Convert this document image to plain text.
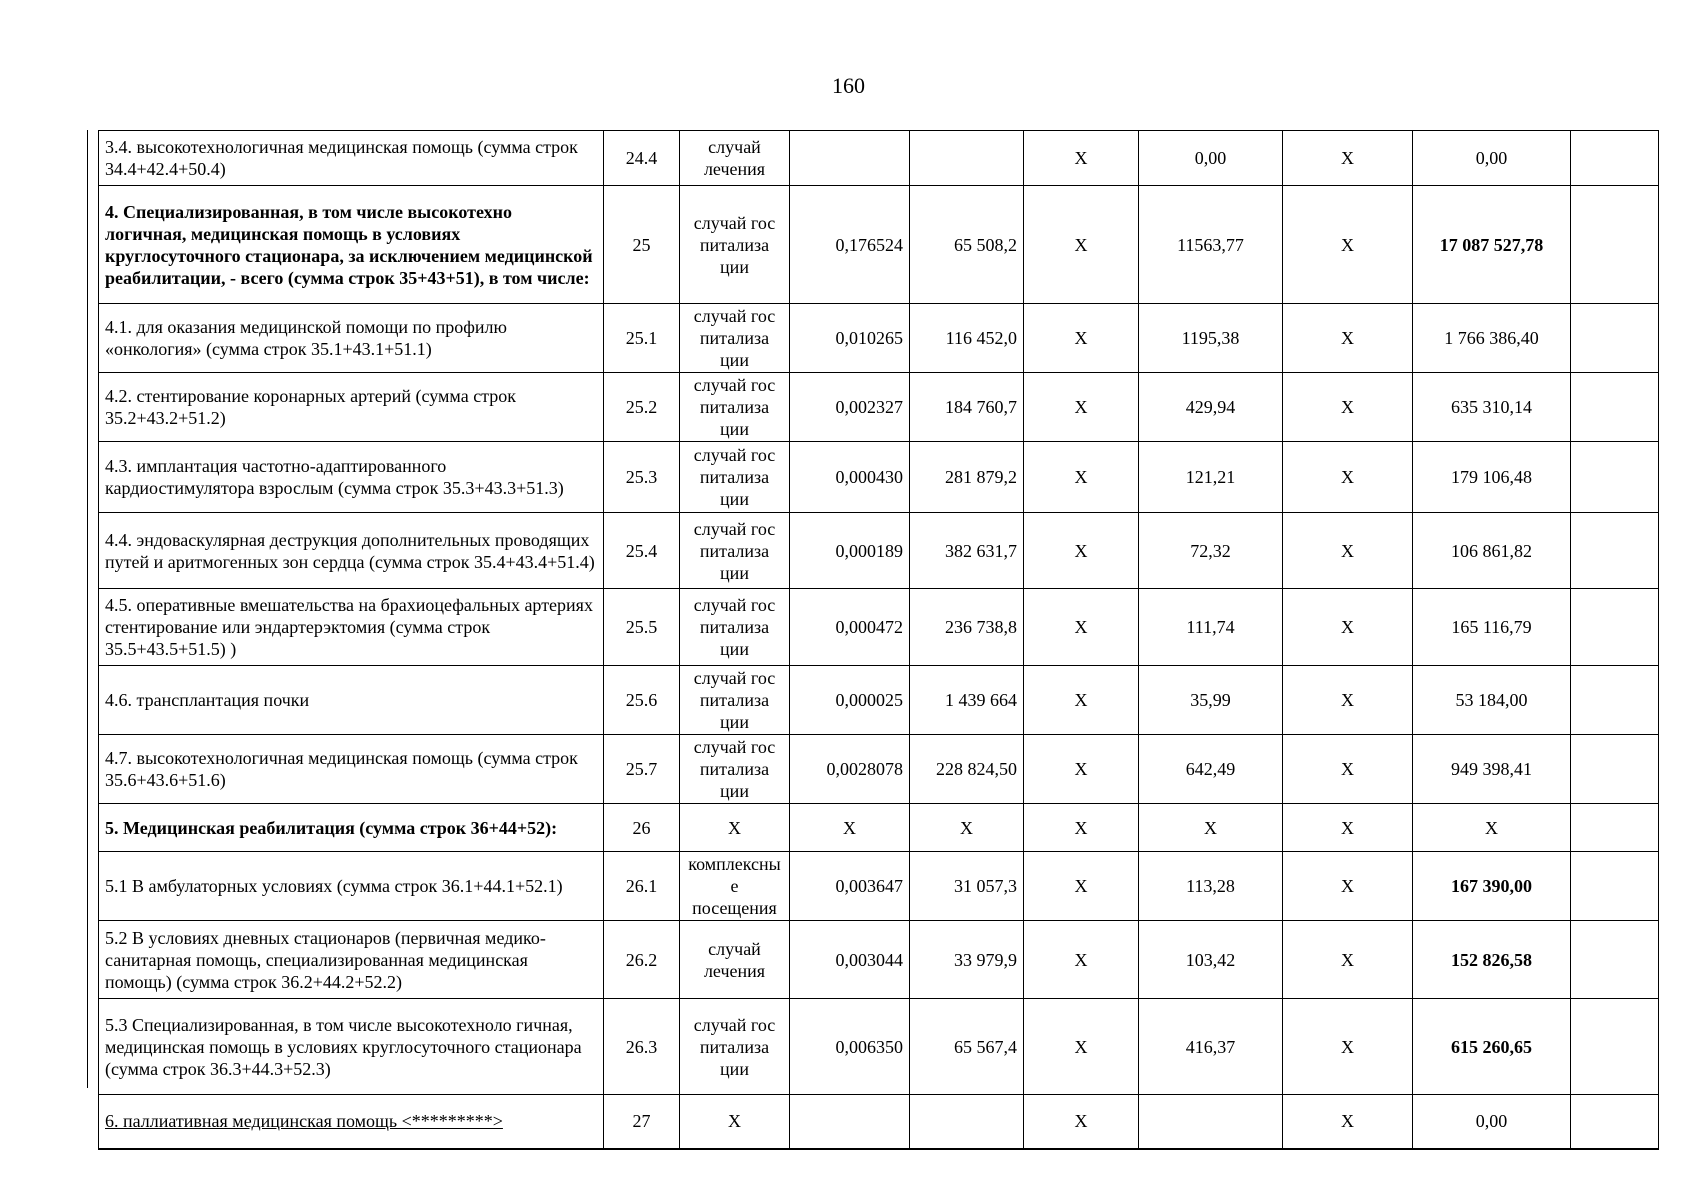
160
3.4. высокотехнологичная медицинская помощь (сумма строк 34.4+42.4+50.4)	24.4	случай лечения			Х	0,00	Х	0,00	
4. Специализированная, в том числе высокотехно логичная, медицинская помощь в условиях круглосуточного стационара, за исключением медицинской реабилитации, - всего (сумма строк 35+43+51), в том числе:	25	случай гос питализа ции	0,176524	65 508,2	Х	11563,77	Х	17 087 527,78	
4.1. для оказания медицинской помощи по профилю «онкология» (сумма строк 35.1+43.1+51.1)	25.1	случай гос питализа ции	0,010265	116 452,0	Х	1195,38	Х	1 766 386,40	
4.2. стентирование коронарных артерий (сумма строк 35.2+43.2+51.2)	25.2	случай гос питализа ции	0,002327	184 760,7	Х	429,94	Х	635 310,14	
4.3. имплантация частотно-адаптированного кардиостимулятора взрослым (сумма строк 35.3+43.3+51.3)	25.3	случай гос питализа ции	0,000430	281 879,2	Х	121,21	Х	179 106,48	
4.4. эндоваскулярная деструкция дополнительных проводящих путей и аритмогенных зон сердца (сумма строк 35.4+43.4+51.4)	25.4	случай гос питализа ции	0,000189	382 631,7	Х	72,32	Х	106 861,82	
4.5. оперативные вмешательства на брахиоцефальных артериях стентирование или эндартерэктомия (сумма строк 35.5+43.5+51.5) )	25.5	случай гос питализа ции	0,000472	236 738,8	Х	111,74	Х	165 116,79	
4.6. трансплантация почки	25.6	случай гос питализа ции	0,000025	1 439 664	Х	35,99	Х	53 184,00	
4.7. высокотехнологичная медицинская помощь (сумма строк 35.6+43.6+51.6)	25.7	случай гос питализа ции	0,0028078	228 824,50	Х	642,49	Х	949 398,41	
5. Медицинская реабилитация (сумма строк 36+44+52):	26	Х	Х	Х	Х	Х	Х	Х	
5.1 В амбулаторных условиях (сумма строк 36.1+44.1+52.1)	26.1	комплексны е посещения	0,003647	31 057,3	Х	113,28	Х	167 390,00	
5.2 В условиях дневных стационаров (первичная медико-санитарная помощь, специализированная медицинская помощь) (сумма строк 36.2+44.2+52.2)	26.2	случай лечения	0,003044	33 979,9	Х	103,42	Х	152 826,58	
5.3 Специализированная, в том числе высокотехноло гичная, медицинская помощь в условиях круглосуточного стационара (сумма строк 36.3+44.3+52.3)	26.3	случай гос питализа ции	0,006350	65 567,4	Х	416,37	Х	615 260,65	
6. паллиативная медицинская помощь <*********>	27	Х			Х		Х	0,00	
